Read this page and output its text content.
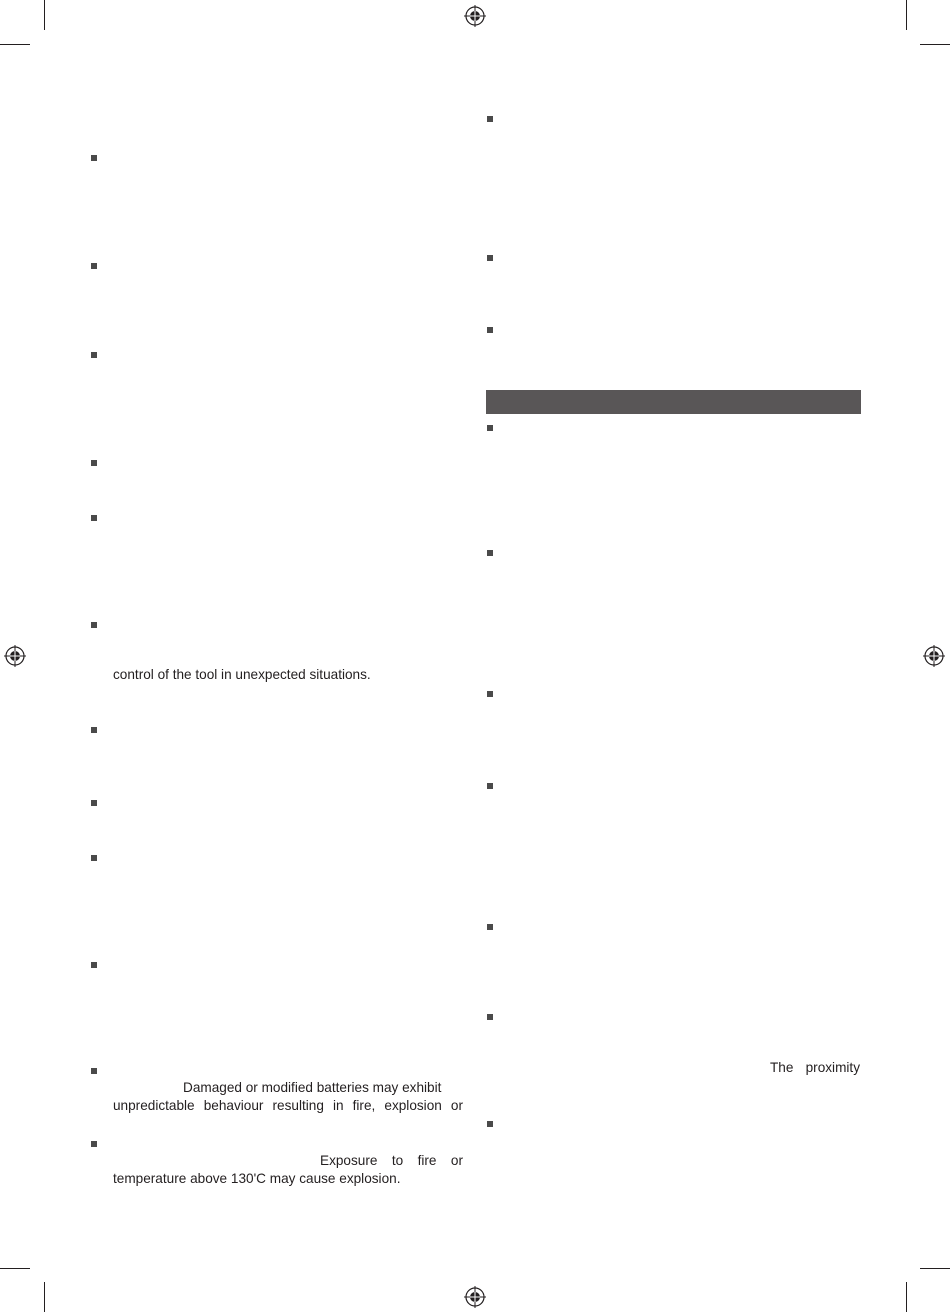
control of the tool in unexpected situations.
Damaged or modified batteries may exhibit
unpredictable behaviour resulting in fire, explosion or
Exposure to fire or
temperature above 130'C may cause explosion.
The proximity
